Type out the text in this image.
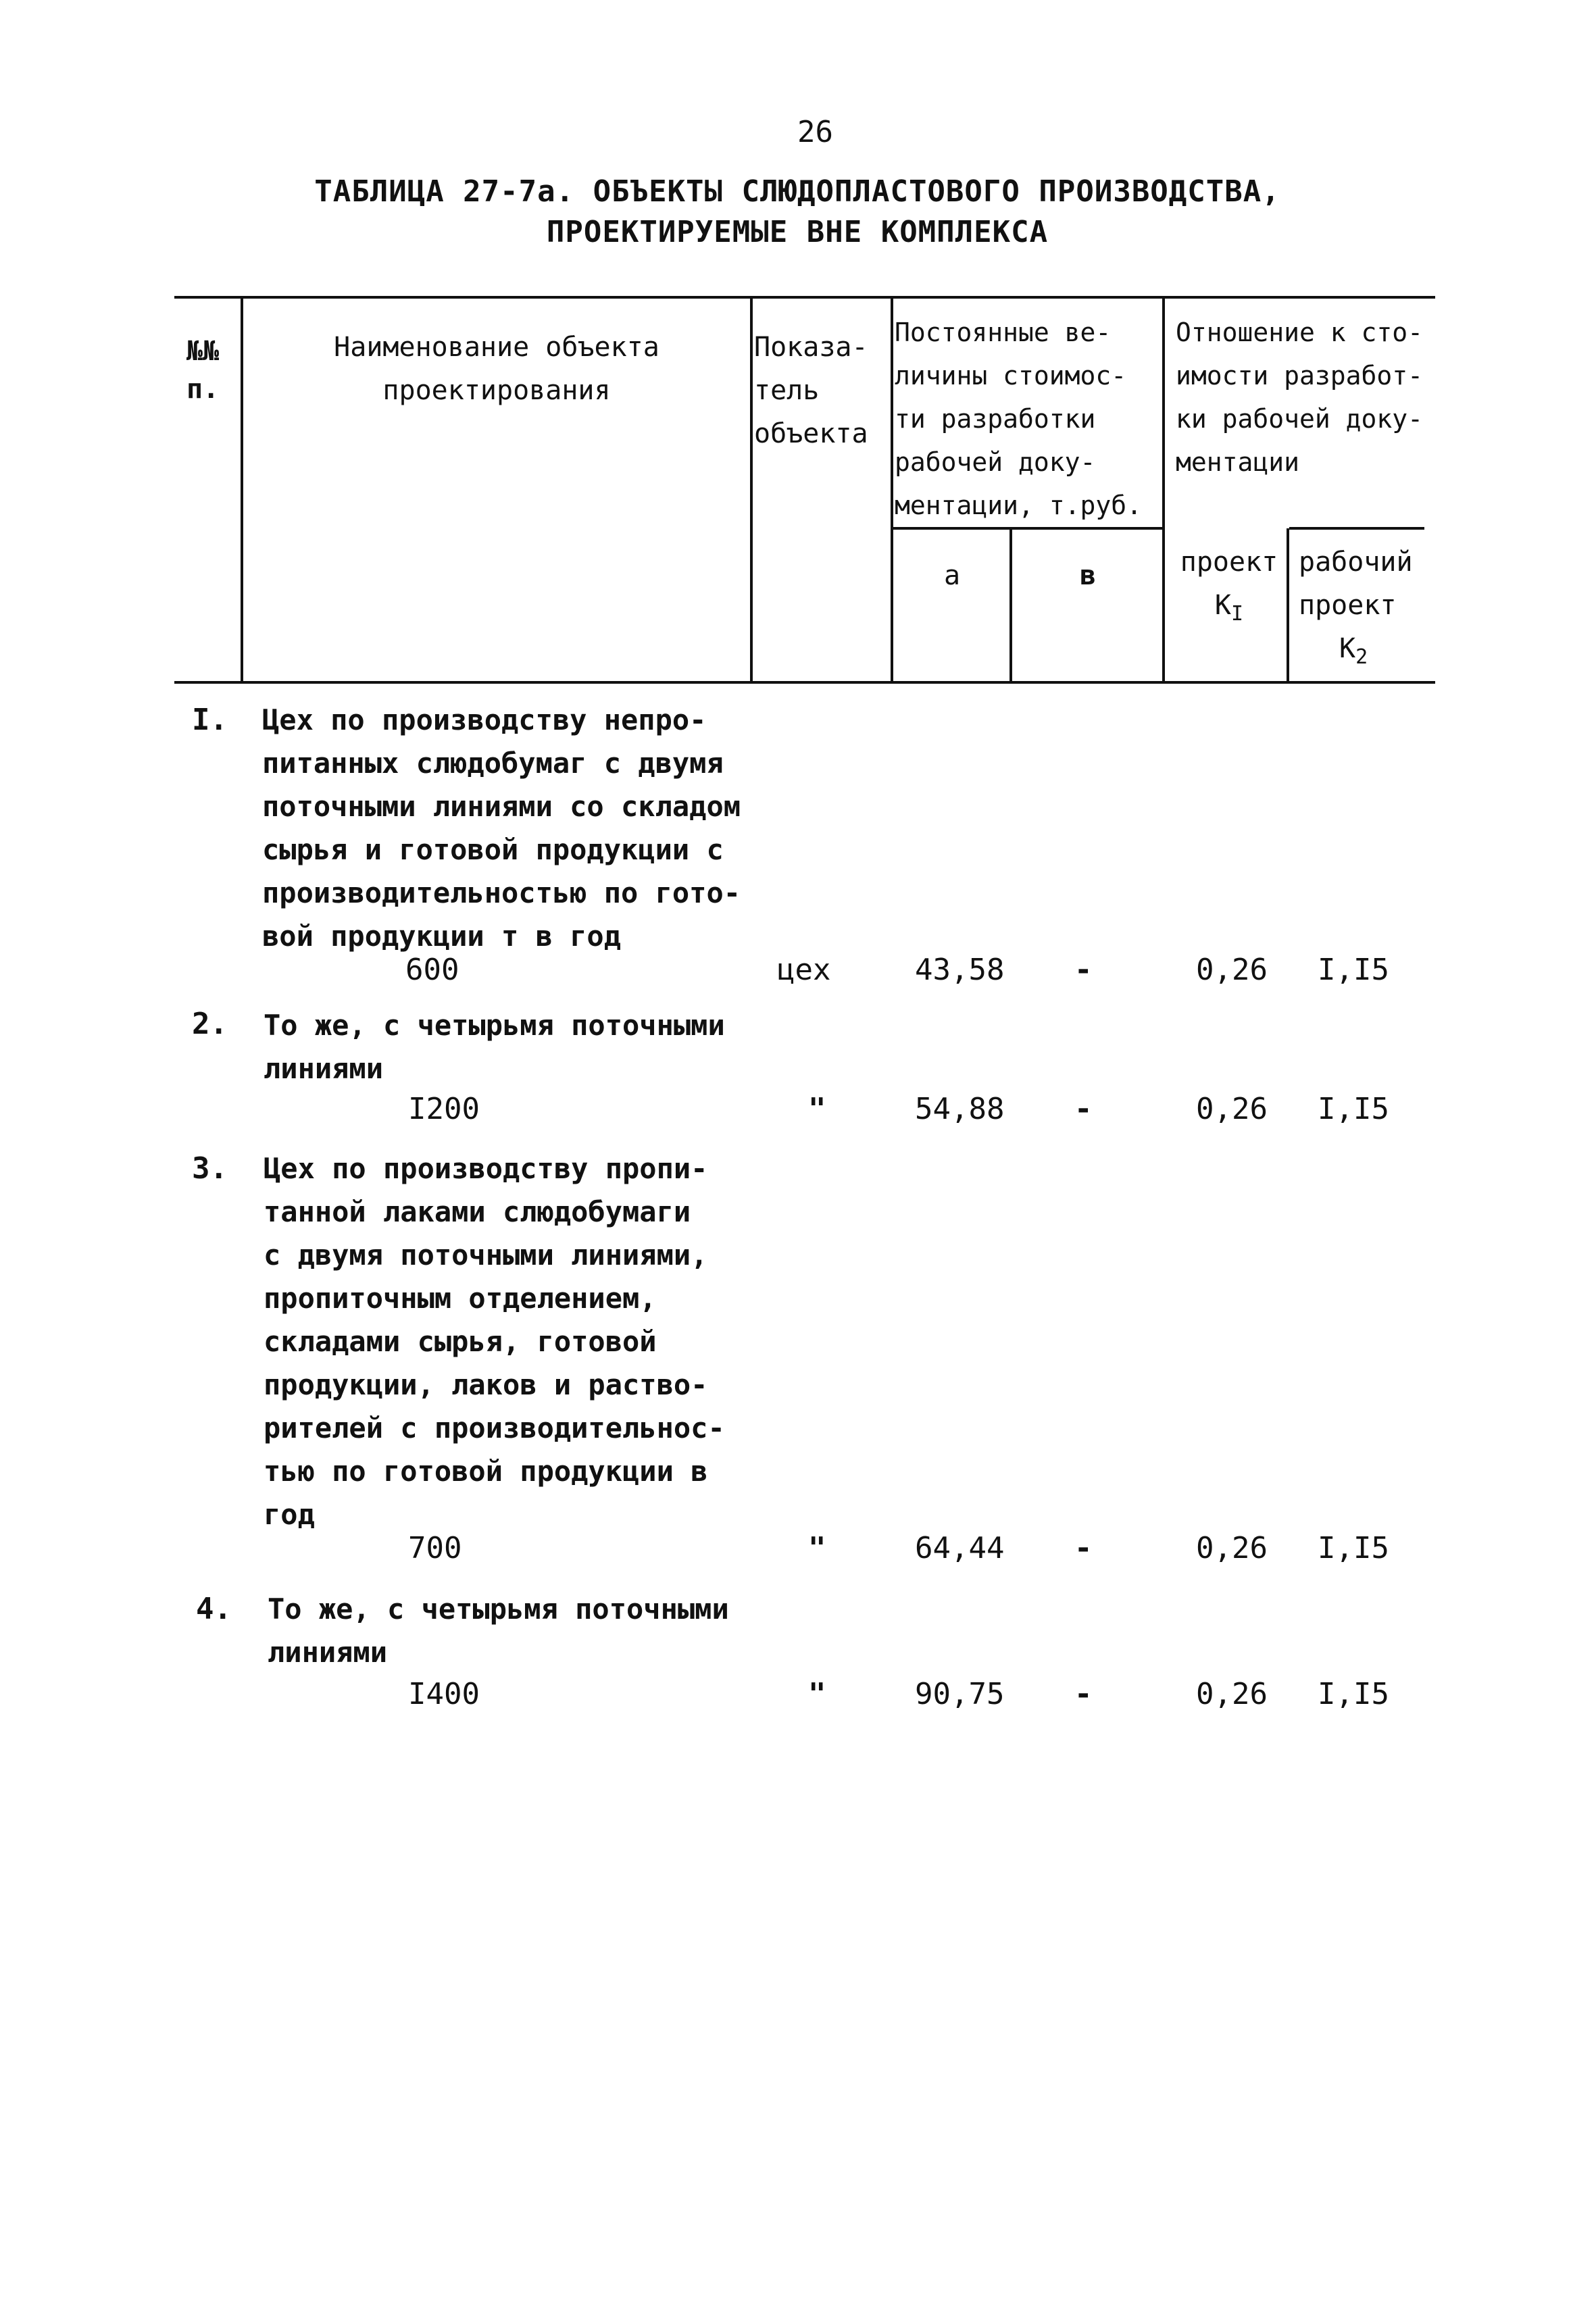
26
ТАБЛИЦА 27-7а. ОБЪЕКТЫ СЛЮДОПЛАСТОВОГО ПРОИЗВОДСТВА,
ПРОЕКТИРУЕМЫЕ ВНЕ КОМПЛЕКСА
№№
п.
Наименование объекта
проектирования
Показа-
тель
объекта
Постоянные ве-
личины стоимос-
ти разработки
рабочей доку-
ментации, т.руб.
а	в
Отношение к сто-
имости разработ-
ки рабочей доку-
ментации
проект
$К_I$
рабочий
проект
$К_2$
I. Цех по производству непро-
питанных слюдобумаг с двумя
поточными линиями со складом
сырья и готовой продукции с
производительностью по гото-
вой продукции т в год
600	цех	43,58 -	0,26 I,I5
2. То же, с четырьмя поточными
линиями
I200	"	54,88 -	0,26 I,I5
3. Цех по производству пропи-
танной лаками слюдобумаги
с двумя поточными линиями,
пропиточным отделением,
складами сырья, готовой
продукции, лаков и раство-
рителей с производительнос-
тью по готовой продукции в
год
700	"	64,44 -	0,26 I,I5
4. То же, с четырьмя поточными
линиями
I400	"	90,75 -	0,26 I,I5
